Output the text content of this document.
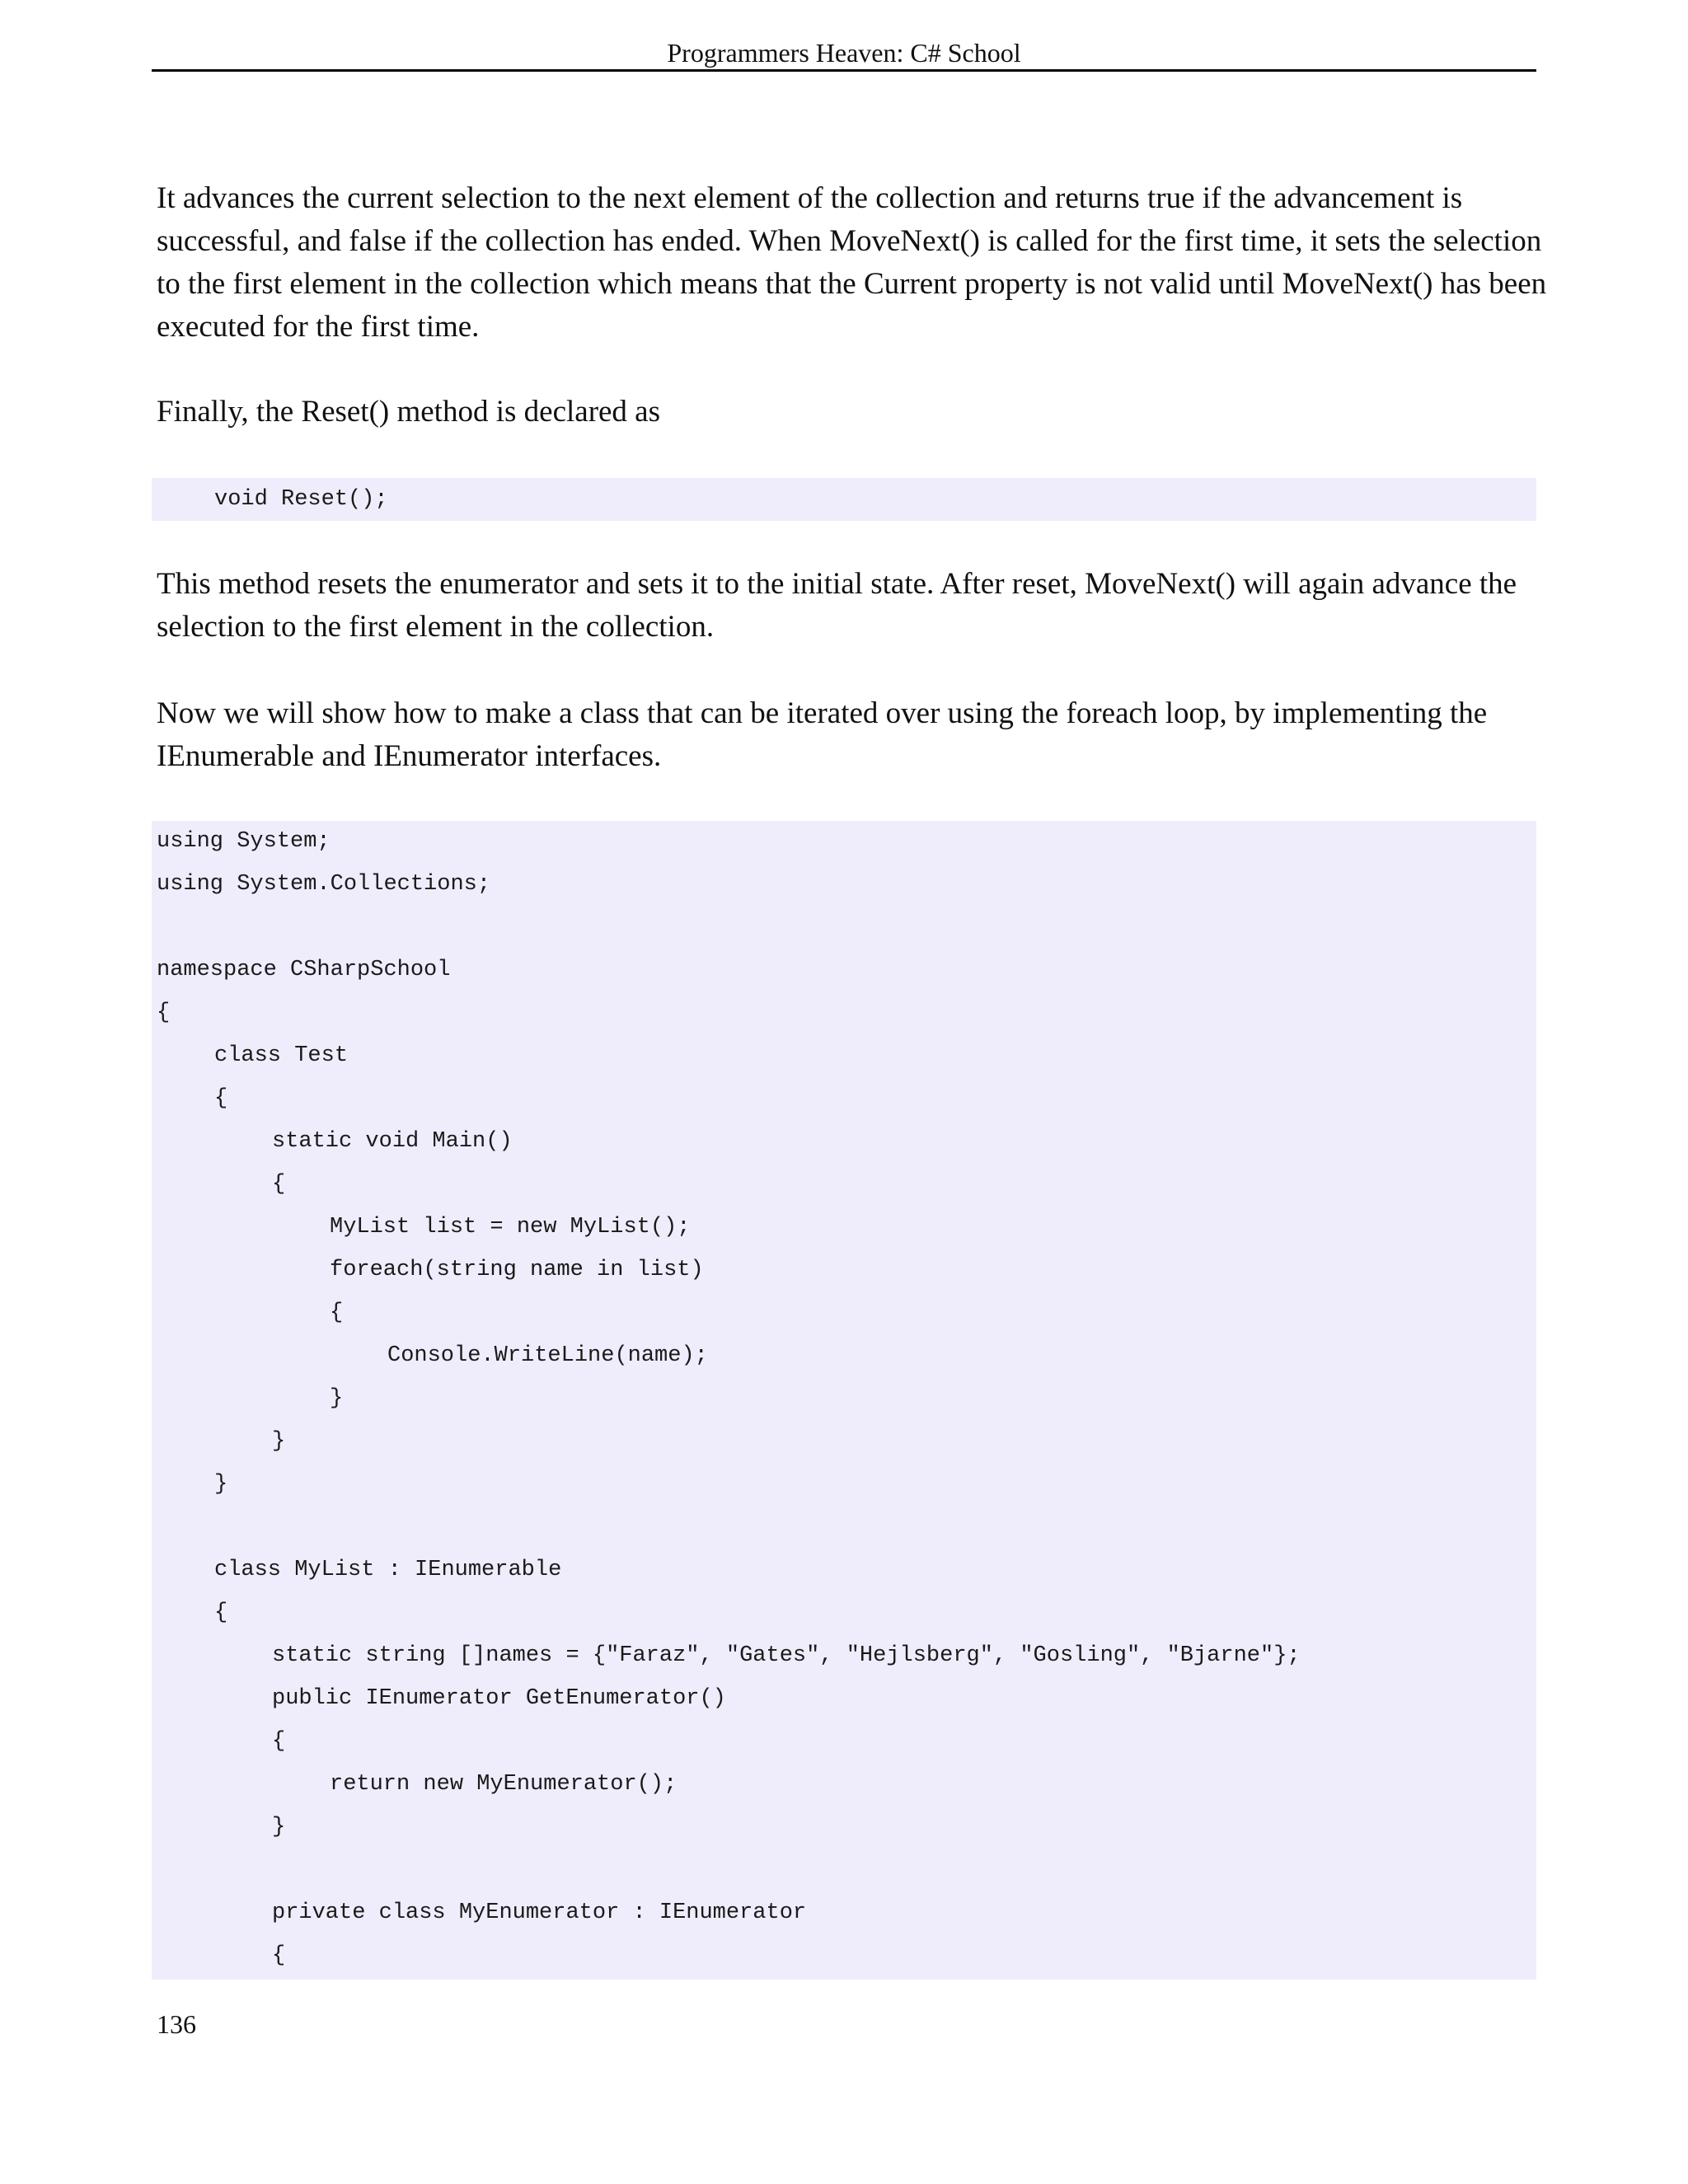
Programmers Heaven: C# School
It advances the current selection to the next element of the collection and returns true if the advancement is
successful, and false if the collection has ended. When MoveNext() is called for the first time, it sets the selection
to the first element in the collection which means that the Current property is not valid until MoveNext() has been
executed for the first time.
Finally, the Reset() method is declared as
void Reset();
This method resets the enumerator and sets it to the initial state. After reset, MoveNext() will again advance the
selection to the first element in the collection.
Now we will show how to make a class that can be iterated over using the foreach loop, by implementing the
IEnumerable and IEnumerator interfaces.
using System;
using System.Collections;
namespace CSharpSchool
{
class Test
{
static void Main()
{
MyList list = new MyList();
foreach(string name in list)
{
Console.WriteLine(name);
}
}
}
class MyList : IEnumerable
{
static string []names = {"Faraz", "Gates", "Hejlsberg", "Gosling", "Bjarne"};
public IEnumerator GetEnumerator()
{
return new MyEnumerator();
}
private class MyEnumerator : IEnumerator
{
136
